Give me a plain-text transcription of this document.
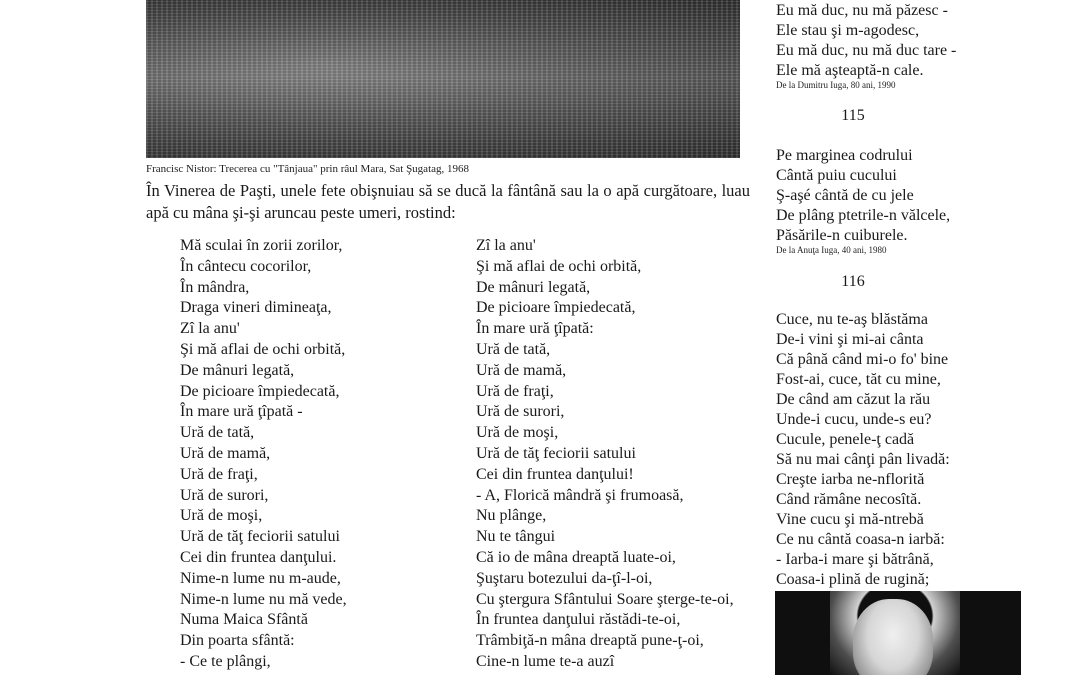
Francisc Nistor: Trecerea cu "Tânjaua" prin râul Mara, Sat Şugatag, 1968

În Vinerea de Paşti, unele fete obişnuiau să se ducă la fântână sau la o apă curgătoare, luau apă cu mâna şi-şi aruncau peste umeri, rostind:

Mă sculai în zorii zorilor,
În cântecu cocorilor,
În mândra,
Draga vineri dimineaţa,
Zî la anu'
Şi mă aflai de ochi orbită,
De mânuri legată,
De picioare împiedecată,
În mare ură ţîpată -
Ură de tată,
Ură de mamă,
Ură de fraţi,
Ură de surori,
Ură de moşi,
Ură de tăţ feciorii satului
Cei din fruntea danţului.
Nime-n lume nu m-aude,
Nime-n lume nu mă vede,
Numa Maica Sfântă
Din poarta sfântă:
- Ce te plângi,
Zî la anu'
Şi mă aflai de ochi orbită,
De mânuri legată,
De picioare împiedecată,
În mare ură ţîpată:
Ură de tată,
Ură de mamă,
Ură de fraţi,
Ură de surori,
Ură de moşi,
Ură de tăţ feciorii satului
Cei din fruntea danţului!
- A, Florică mândră şi frumoasă,
Nu plânge,
Nu te tângui
Că io de mâna dreaptă luate-oi,
Şuştaru botezului da-ţî-l-oi,
Cu ştergura Sfântului Soare şterge-te-oi,
În fruntea danţului răstădi-te-oi,
Trâmbiţă-n mâna dreaptă pune-ţ-oi,
Cine-n lume te-a auzî
Eu mă duc, nu mă păzesc -
Ele stau şi m-agodesc,
Eu mă duc, nu mă duc tare -
Ele mă aşteaptă-n cale.
De la Dumitru Iuga, 80 ani, 1990
115
Pe marginea codrului
Cântă puiu cucului
Ş-aşé cântă de cu jele
De plâng ptetrile-n vălcele,
Păsările-n cuiburele.
De la Anuţa Iuga, 40 ani, 1980
116
Cuce, nu te-aş blăstăma
De-i vini şi mi-ai cânta
Că până când mi-o fo' bine
Fost-ai, cuce, tăt cu mine,
De când am căzut la rău
Unde-i cucu, unde-s eu?
Cucule, penele-ţ cadă
Să nu mai cânţi pân livadă:
Creşte iarba ne-nflorită
Când rămâne necosîtă.
Vine cucu şi mă-ntrebă
Ce nu cântă coasa-n iarbă:
- Iarba-i mare şi bătrână,
Coasa-i plină de rugină;
